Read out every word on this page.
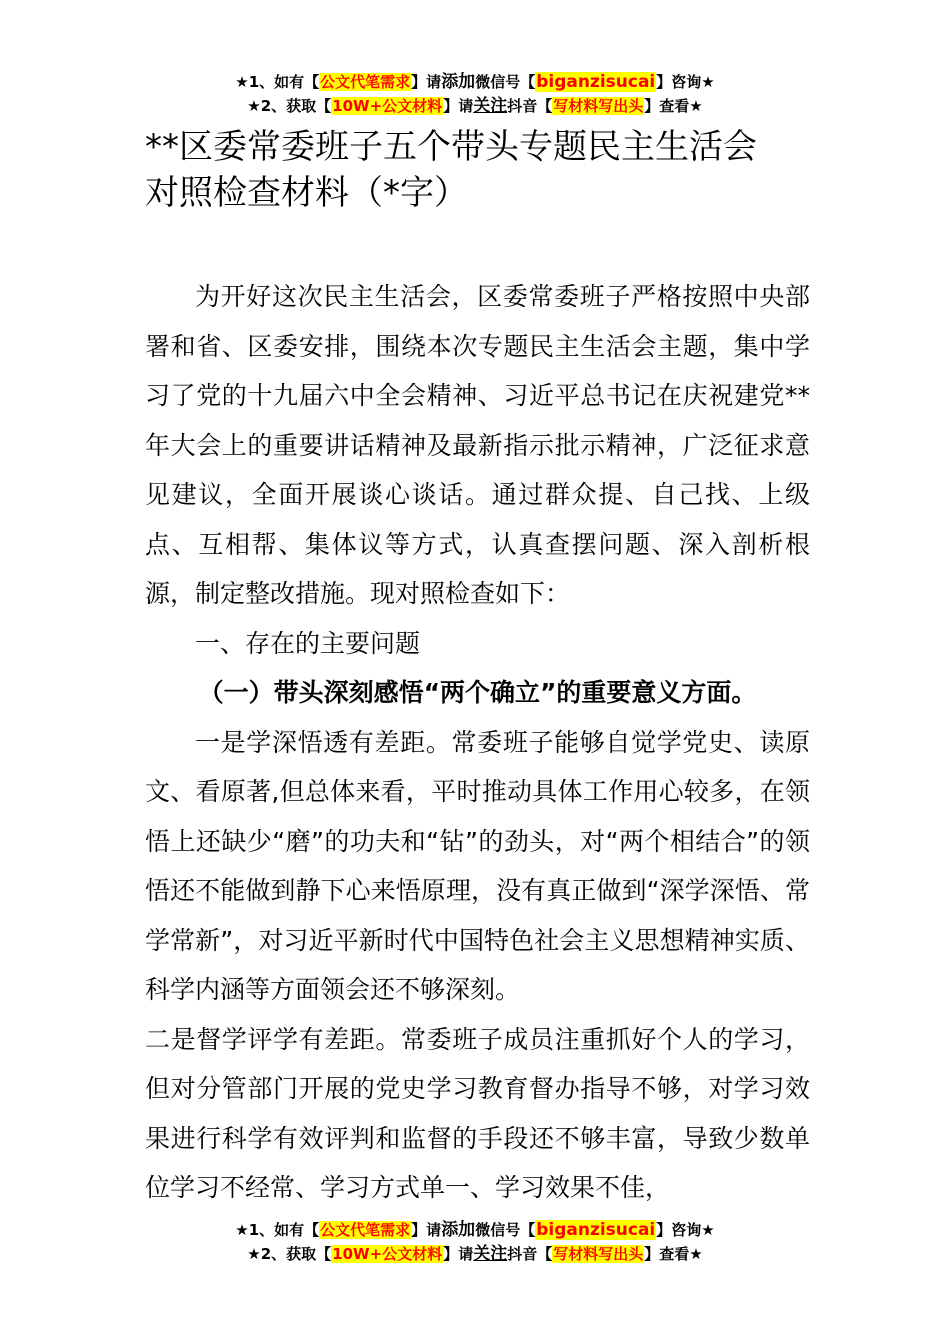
★1、如有【公文代笔需求】请添加微信号【biganzisucai】咨询★
★2、获取【10W+公文材料】请关注抖音【写材料写出头】查看★
**区委常委班子五个带头专题民主生活会
对照检查材料（*字）

为开好这次民主生活会，区委常委班子严格按照中央部署和省、区委安排，围绕本次专题民主生活会主题，集中学习了党的十九届六中全会精神、习近平总书记在庆祝建党**年大会上的重要讲话精神及最新指示批示精神，广泛征求意见建议，全面开展谈心谈话。通过群众提、自己找、上级点、互相帮、集体议等方式，认真查摆问题、深入剖析根源，制定整改措施。现对照检查如下：

一、存在的主要问题

（一）带头深刻感悟“两个确立”的重要意义方面。

一是学深悟透有差距。常委班子能够自觉学党史、读原文、看原著,但总体来看，平时推动具体工作用心较多，在领悟上还缺少“磨”的功夫和“钻”的劲头，对“两个相结合”的领悟还不能做到静下心来悟原理，没有真正做到“深学深悟、常学常新”，对习近平新时代中国特色社会主义思想精神实质、科学内涵等方面领会还不够深刻。

二是督学评学有差距。常委班子成员注重抓好个人的学习，但对分管部门开展的党史学习教育督办指导不够，对学习效果进行科学有效评判和监督的手段还不够丰富，导致少数单位学习不经常、学习方式单一、学习效果不佳，

★1、如有【公文代笔需求】请添加微信号【biganzisucai】咨询★
★2、获取【10W+公文材料】请关注抖音【写材料写出头】查看★
